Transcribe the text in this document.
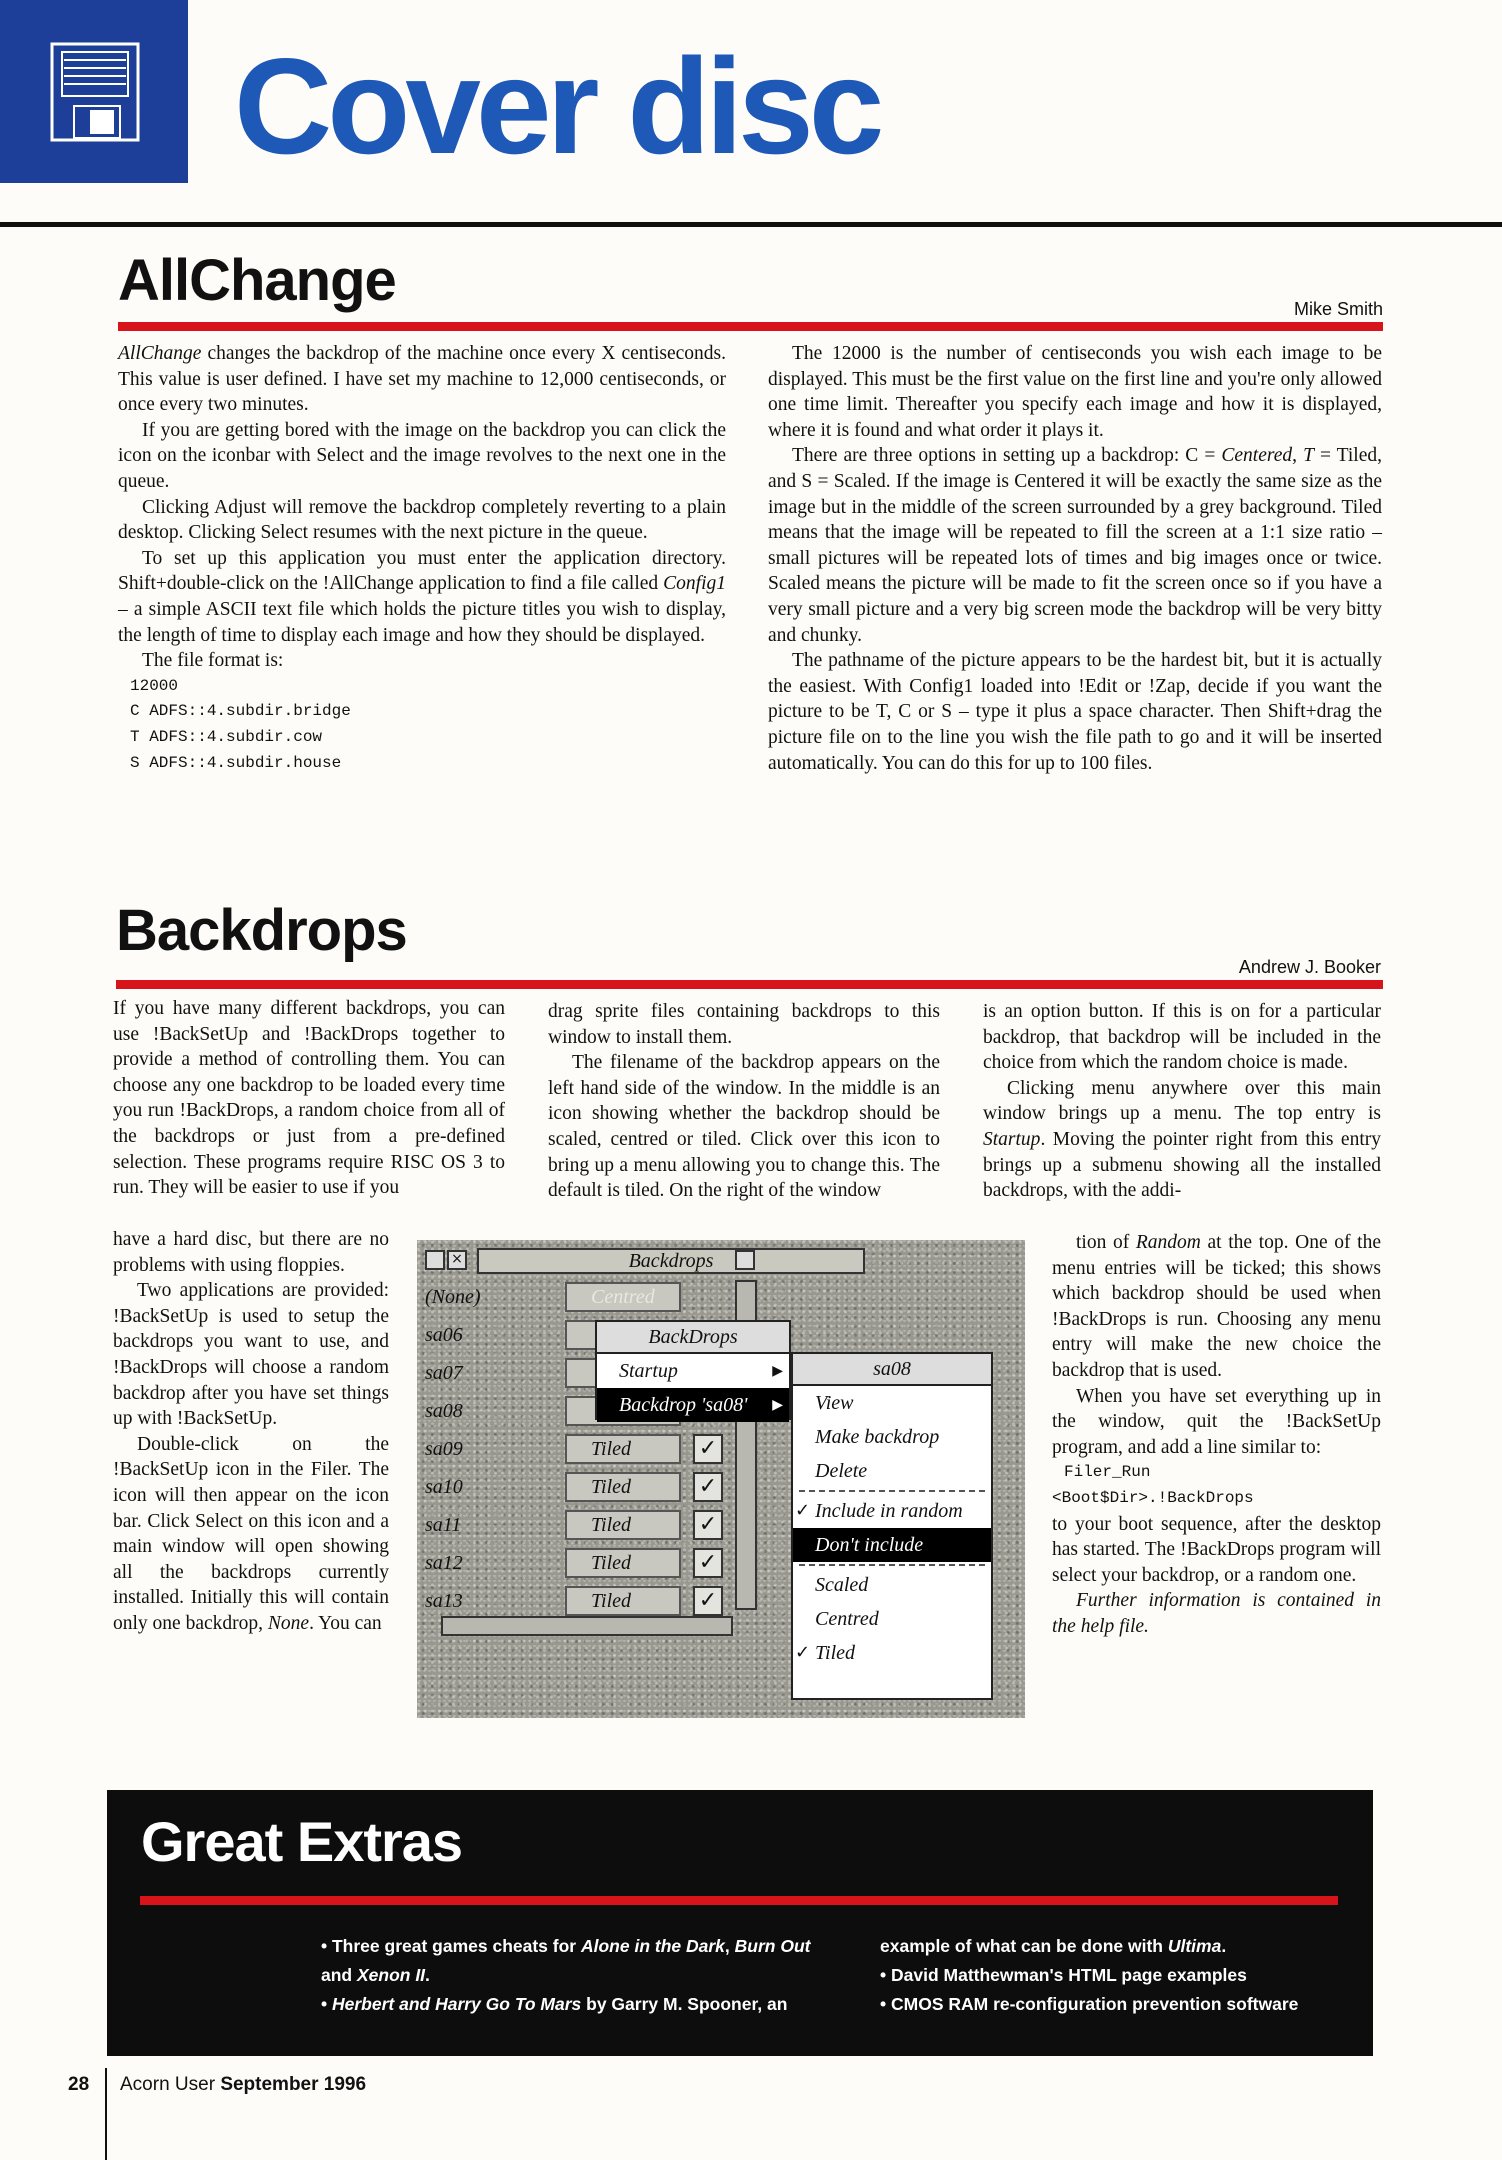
Cover disc
AllChange	Mike Smith

AllChange changes the backdrop of the machine once every X centiseconds. This value is user defined. I have set my machine to 12,000 centiseconds, or once every two minutes.

If you are getting bored with the image on the backdrop you can click the icon on the iconbar with Select and the image revolves to the next one in the queue.

Clicking Adjust will remove the backdrop completely reverting to a plain desktop. Clicking Select resumes with the next picture in the queue.

To set up this application you must enter the application directory. Shift+double-click on the !AllChange application to find a file called Config1 – a simple ASCII text file which holds the picture titles you wish to display, the length of time to display each image and how they should be displayed.

The file format is:

12000
C ADFS::4.subdir.bridge
T ADFS::4.subdir.cow
S ADFS::4.subdir.house

The 12000 is the number of centiseconds you wish each image to be displayed. This must be the first value on the first line and you're only allowed one time limit. Thereafter you specify each image and how it is displayed, where it is found and what order it plays it.

There are three options in setting up a backdrop: C = Centered, T = Tiled, and S = Scaled. If the image is Centered it will be exactly the same size as the image but in the middle of the screen surrounded by a grey background. Tiled means that the image will be repeated to fill the screen at a 1:1 size ratio – small pictures will be repeated lots of times and big images once or twice. Scaled means the picture will be made to fit the screen once so if you have a very small picture and a very big screen mode the backdrop will be very bitty and chunky.

The pathname of the picture appears to be the hardest bit, but it is actually the easiest. With Config1 loaded into !Edit or !Zap, decide if you want the picture to be T, C or S – type it plus a space character. Then Shift+drag the picture file on to the line you wish the file path to go and it will be inserted automatically. You can do this for up to 100 files.

Backdrops
Andrew J. Booker

If you have many different backdrops, you can use !BackSetUp and !BackDrops together to provide a method of controlling them. You can choose any one backdrop to be loaded every time you run !BackDrops, a random choice from all of the backdrops or just from a pre-defined selection. These programs require RISC OS 3 to run. They will be easier to use if you

have a hard disc, but there are no problems with using floppies.

Two applications are provided: !BackSetUp is used to setup the backdrops you want to use, and !BackDrops will choose a random backdrop after you have set things up with !BackSetUp.

Double-click on the !BackSetUp icon in the Filer. The icon will then appear on the icon bar. Click Select on this icon and a main window will open showing all the backdrops currently installed. Initially this will contain only one backdrop, None. You can

drag sprite files containing backdrops to this window to install them.

The filename of the backdrop appears on the left hand side of the window. In the middle is an icon showing whether the backdrop should be scaled, centred or tiled. Click over this icon to bring up a menu allowing you to change this. The default is tiled. On the right of the window

is an option button. If this is on for a particular backdrop, that backdrop will be included in the choice from which the random choice is made.

Clicking menu anywhere over this main window brings up a menu. The top entry is Startup. Moving the pointer right from this entry brings up a submenu showing all the installed backdrops, with the addi-

tion of Random at the top. One of the menu entries will be ticked; this shows which backdrop should be used when !BackDrops is run. Choosing any menu entry will make the new choice the backdrop that is used.

When you have set everything up in the window, quit the !BackSetUp program, and add a line similar to:

Filer_Run
<Boot$Dir>.!BackDrops

to your boot sequence, after the desktop has started. The !BackDrops program will select your backdrop, or a random one.

Further information is contained in the help file.

×	Backdrops
(None)	Centred
sa06
sa07
sa08
sa09	Tiled	✓
sa10	Tiled	✓
sa11	Tiled	✓
sa12	Tiled	✓
sa13	Tiled	✓
BackDrops
Startup	▶
Backdrop 'sa08' ▶
sa08
View
Make backdrop
Delete
✓ Include in random
Don't include
Scaled
Centred
✓ Tiled
Great Extras

• Three great games cheats for Alone in the Dark, Burn Out and Xenon II.

• Herbert and Harry Go To Mars by Garry M. Spooner, an

example of what can be done with Ultima.

• David Matthewman's HTML page examples

• CMOS RAM re-configuration prevention software

28 Acorn User September 1996
